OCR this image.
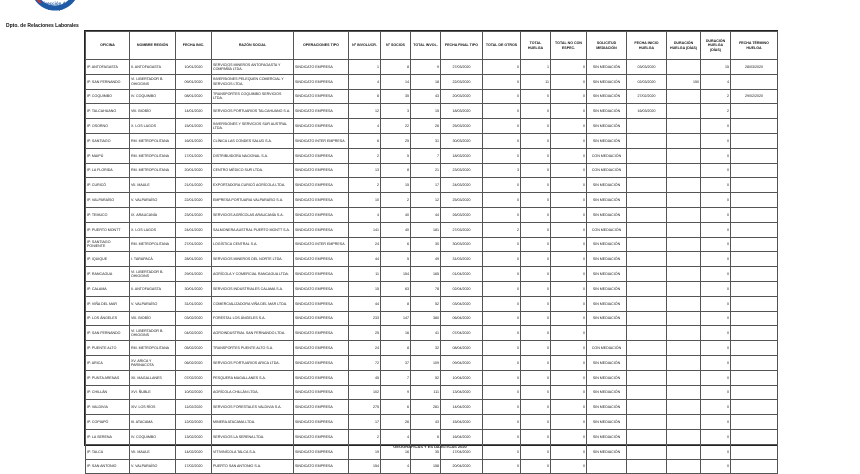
Dirección del
Trabajo
Dpto. de Relaciones Laborales
OFICINA	NOMBRE REGIÓN	FECHA INIC.	RAZÓN SOCIAL	OPERACIONES TIPO	Nº INVOLUCR.	Nº SOCIOS	TOTAL INVOL.	FECHA FINAL TIPO	TOTAL DE OTROS	TOTAL HUELGA	TOTAL NO CON ESPEC.	SOLICITUD MEDIACIÓN	FECHA INICIO HUELGA	DURACIÓN HUELGA (DÍAS)	DURACIÓN HUELGA (DÍAS)	FECHA TÉRMINO HUELGA
IP. ANTOFAGASTA	II. ANTOFAGASTA	10/01/2020	SERVICIOS MINEROS ANTOFAGASTA Y COMPAÑÍA LTDA.	SINDICATO EMPRESA	1	8	9	27/03/2020	0	1	0	SIN MEDIACIÓN	03/03/2020		15	28/03/2020
IP. SAN FERNANDO	VI. LIBERTADOR B. OHIGGINS	09/01/2020	INVERSIONES PELEQUEN COMERCIAL Y SERVICIOS LTDA.	SINDICATO EMPRESA	4	14	18	22/03/2020	0	11	0	SIN MEDIACIÓN	02/03/2020	150	4	
IP. COQUIMBO	IV. COQUIMBO	08/01/2020	TRANSPORTES COQUIMBO SERVICIOS LTDA.	SINDICATO EMPRESA	8	35	43	20/03/2020	0	0	0	SIN MEDIACIÓN	27/02/2020		2	29/02/2020
IP. TALCAHUANO	VIII. BIOBÍO	14/01/2020	SERVICIOS PORTUARIOS TALCAHUANO S.A.	SINDICATO EMPRESA	12	3	15	18/03/2020	0	0	0	SIN MEDIACIÓN	16/03/2020		2	
IP. OSORNO	X. LOS LAGOS	15/01/2020	INVERSIONES Y SERVICIOS SUR AUSTRAL LTDA.	SINDICATO EMPRESA	4	22	26	25/03/2020	0	0	0	SIN MEDIACIÓN			0	
IP. SANTIAGO	RM. METROPOLITANA	16/01/2020	CLÍNICA LAS CONDES SALUD S.A.	SINDICATO INTER EMPRESA	6	25	31	30/03/2020	0	0	0	SIN MEDIACIÓN			0	
IP. MAIPÚ	RM. METROPOLITANA	17/01/2020	DISTRIBUIDORA NACIONAL S.A.	SINDICATO EMPRESA	2	5	7	18/03/2020	0	0	0	CON MEDIACIÓN			0	
IP. LA FLORIDA	RM. METROPOLITANA	20/01/2020	CENTRO MÉDICO SUR LTDA.	SINDICATO EMPRESA	13	8	21	23/03/2020	3	0	0	CON MEDIACIÓN			0	
IP. CURICÓ	VII. MAULE	21/01/2020	EXPORTADORA CURICÓ AGRÍCOLA LTDA.	SINDICATO EMPRESA	2	15	17	24/03/2020	0	0	0	SIN MEDIACIÓN			0	
IP. VALPARAÍSO	V. VALPARAÍSO	22/01/2020	EMPRESA PORTUARIA VALPARAÍSO S.A.	SINDICATO EMPRESA	10	2	12	25/03/2020	0	0	0	SIN MEDIACIÓN			0	
IP. TEMUCO	IX. ARAUCANÍA	23/01/2020	SERVICIOS AGRÍCOLAS ARAUCANÍA S.A.	SINDICATO EMPRESA	4	40	44	26/03/2020	0	0	0	SIN MEDIACIÓN			0	
IP. PUERTO MONTT	X. LOS LAGOS	24/01/2020	SALMONERA AUSTRAL PUERTO MONTT S.A.	SINDICATO EMPRESA	141	40	181	27/03/2020	2	0	0	CON MEDIACIÓN			0	
IP. SANTIAGO PONIENTE	RM. METROPOLITANA	27/01/2020	LOGÍSTICA CENTRAL S.A.	SINDICATO INTER EMPRESA	24	6	30	30/03/2020	0	0	0	SIN MEDIACIÓN			0	
IP. IQUIQUE	I. TARAPACÁ	28/01/2020	SERVICIOS MINEROS DEL NORTE LTDA.	SINDICATO EMPRESA	44	5	49	31/03/2020	0	0	0	SIN MEDIACIÓN			0	
IP. RANCAGUA	VI. LIBERTADOR B. OHIGGINS	29/01/2020	AGRÍCOLA Y COMERCIAL RANCAGUA LTDA.	SINDICATO EMPRESA	11	154	165	01/04/2020	0	0	0	SIN MEDIACIÓN			0	
IP. CALAMA	II. ANTOFAGASTA	30/01/2020	SERVICIOS INDUSTRIALES CALAMA S.A.	SINDICATO EMPRESA	15	63	78	02/04/2020	0	0	0	SIN MEDIACIÓN			0	
IP. VIÑA DEL MAR	V. VALPARAÍSO	31/01/2020	COMERCIALIZADORA VIÑA DEL MAR LTDA.	SINDICATO EMPRESA	44	8	52	03/04/2020	0	0	0	SIN MEDIACIÓN			0	
IP. LOS ÁNGELES	VIII. BIOBÍO	03/02/2020	FORESTAL LOS ÁNGELES S.A.	SINDICATO EMPRESA	233	147	380	06/04/2020	0	0	0	SIN MEDIACIÓN			0	
IP. SAN FERNANDO	VI. LIBERTADOR B. OHIGGINS	04/02/2020	AGROINDUSTRIAL SAN FERNANDO LTDA.	SINDICATO EMPRESA	25	16	41	07/04/2020	0	0	0				0	
IP. PUENTE ALTO	RM. METROPOLITANA	05/02/2020	TRANSPORTES PUENTE ALTO S.A.	SINDICATO EMPRESA	24	8	32	08/04/2020	0	0	0	CON MEDIACIÓN			0	
IP. ARICA	XV. ARICA Y PARINACOTA	06/02/2020	SERVICIOS PORTUARIOS ARICA LTDA.	SINDICATO EMPRESA	72	37	109	09/04/2020	0	0	0	SIN MEDIACIÓN			0	
IP. PUNTA ARENAS	XII. MAGALLANES	07/02/2020	PESQUERA MAGALLANES S.A.	SINDICATO EMPRESA	45	7	52	10/04/2020	0	0	0	SIN MEDIACIÓN			0	
IP. CHILLÁN	XVI. ÑUBLE	10/02/2020	AGRÍCOLA CHILLÁN LTDA.	SINDICATO EMPRESA	102	9	111	13/04/2020	0	0	0	SIN MEDIACIÓN			0	
IP. VALDIVIA	XIV. LOS RÍOS	11/02/2020	SERVICIOS FORESTALES VALDIVIA S.A.	SINDICATO EMPRESA	275	6	281	14/04/2020	0	0	0	SIN MEDIACIÓN			0	
IP. COPIAPÓ	III. ATACAMA	12/02/2020	MINERA ATACAMA LTDA.	SINDICATO EMPRESA	17	26	43	15/04/2020	0	0	0	SIN MEDIACIÓN			0	
IP. LA SERENA	IV. COQUIMBO	13/02/2020	SERVICIOS LA SERENA LTDA.	SINDICATO EMPRESA	2	4	6	16/04/2020	0	0	0	SIN MEDIACIÓN			0	
IP. TALCA	VII. MAULE	14/02/2020	VITIVINÍCOLA TALCA S.A.	SINDICATO EMPRESA	19	16	35	17/04/2020	0	0	0	SIN MEDIACIÓN			0	
IP. SAN ANTONIO	V. VALPARAÍSO	17/02/2020	PUERTO SAN ANTONIO S.A.	SINDICATO EMPRESA	154	4	158	20/04/2020	0	0	0				0	
GEOGRÁFICAS Y ESTADÍSTICAS 2020
